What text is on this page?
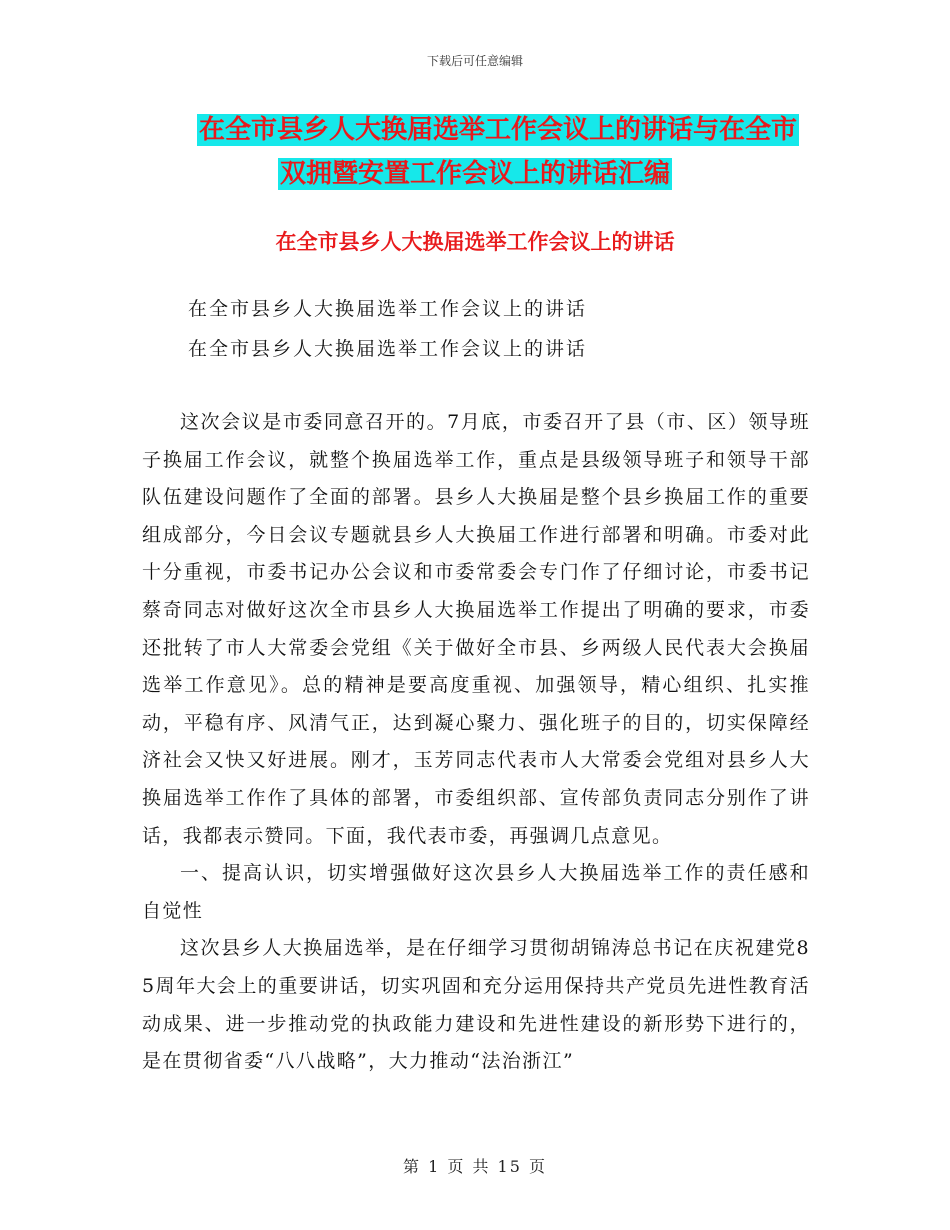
下载后可任意编辑
在全市县乡人大换届选举工作会议上的讲话与在全市
双拥暨安置工作会议上的讲话汇编
在全市县乡人大换届选举工作会议上的讲话
在全市县乡人大换届选举工作会议上的讲话
在全市县乡人大换届选举工作会议上的讲话

这次会议是市委同意召开的。7月底，市委召开了县（市、区）领导班子换届工作会议，就整个换届选举工作，重点是县级领导班子和领导干部队伍建设问题作了全面的部署。县乡人大换届是整个县乡换届工作的重要组成部分，今日会议专题就县乡人大换届工作进行部署和明确。市委对此十分重视，市委书记办公会议和市委常委会专门作了仔细讨论，市委书记蔡奇同志对做好这次全市县乡人大换届选举工作提出了明确的要求，市委还批转了市人大常委会党组《关于做好全市县、乡两级人民代表大会换届选举工作意见》。总的精神是要高度重视、加强领导，精心组织、扎实推动，平稳有序、风清气正，达到凝心聚力、强化班子的目的，切实保障经济社会又快又好进展。刚才，玉芳同志代表市人大常委会党组对县乡人大换届选举工作作了具体的部署，市委组织部、宣传部负责同志分别作了讲话，我都表示赞同。下面，我代表市委，再强调几点意见。

一、提高认识，切实增强做好这次县乡人大换届选举工作的责任感和自觉性

这次县乡人大换届选举，是在仔细学习贯彻胡锦涛总书记在庆祝建党85周年大会上的重要讲话，切实巩固和充分运用保持共产党员先进性教育活动成果、进一步推动党的执政能力建设和先进性建设的新形势下进行的，是在贯彻省委“八八战略”，大力推动“法治浙江”

第 1 页 共 15 页
